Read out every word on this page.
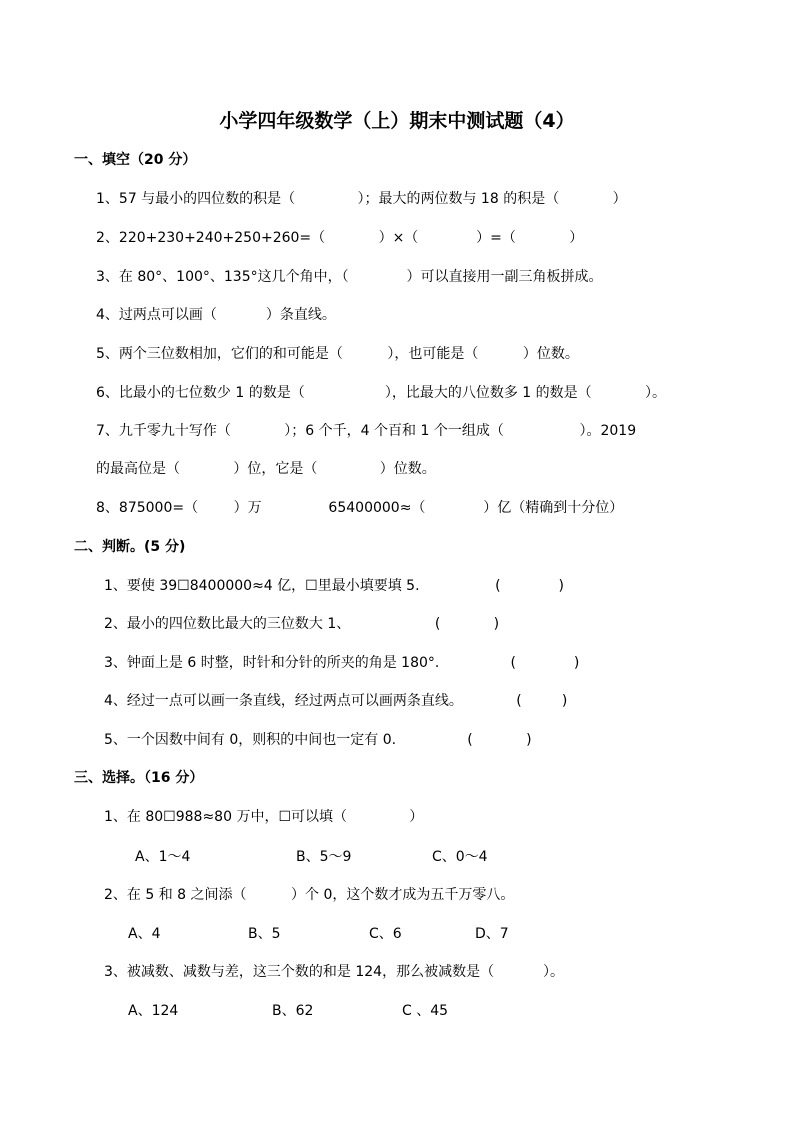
小学四年级数学（上）期末中测试题（4）
一、填空（20 分）
1、57 与最小的四位数的积是（              ）；最大的两位数与 18 的积是（            ）
2、220+230+240+250+260=（            ）×（             ）=（            ）
3、在 80°、100°、135°这几个角中，（             ）可以直接用一副三角板拼成。
4、过两点可以画（           ）条直线。
5、两个三位数相加，它们的和可能是（          ），也可能是（          ）位数。
6、比最小的七位数少 1 的数是（                  ），比最大的八位数多 1 的数是（            ）。
7、九千零九十写作（            ）；6 个千，4 个百和 1 个一组成（                 ）。2019
的最高位是（            ）位，它是（              ）位数。
8、875000=（        ）万               65400000≈（             ）亿（精确到十分位）
二、判断。(5 分)
1、要使 39☐8400000≈4 亿，☐里最小填要填 5.                 (             )
2、最小的四位数比最大的三位数大 1、                   (            )
3、钟面上是 6 时整，时针和分针的所夹的角是 180°.                (             )
4、经过一点可以画一条直线，经过两点可以画两条直线。            (         )
5、一个因数中间有 0，则积的中间也一定有 0.                (            )
三、选择。（16 分）
1、在 80☐988≈80 万中，☐可以填（              ）
A、1～4	B、5～9	C、0～4
2、在 5 和 8 之间添（          ）个 0，这个数才成为五千万零八。
A、4	B、5	C、6	D、7
3、被减数、减数与差，这三个数的和是 124，那么被减数是（           ）。
A、124	B、62	C 、45
